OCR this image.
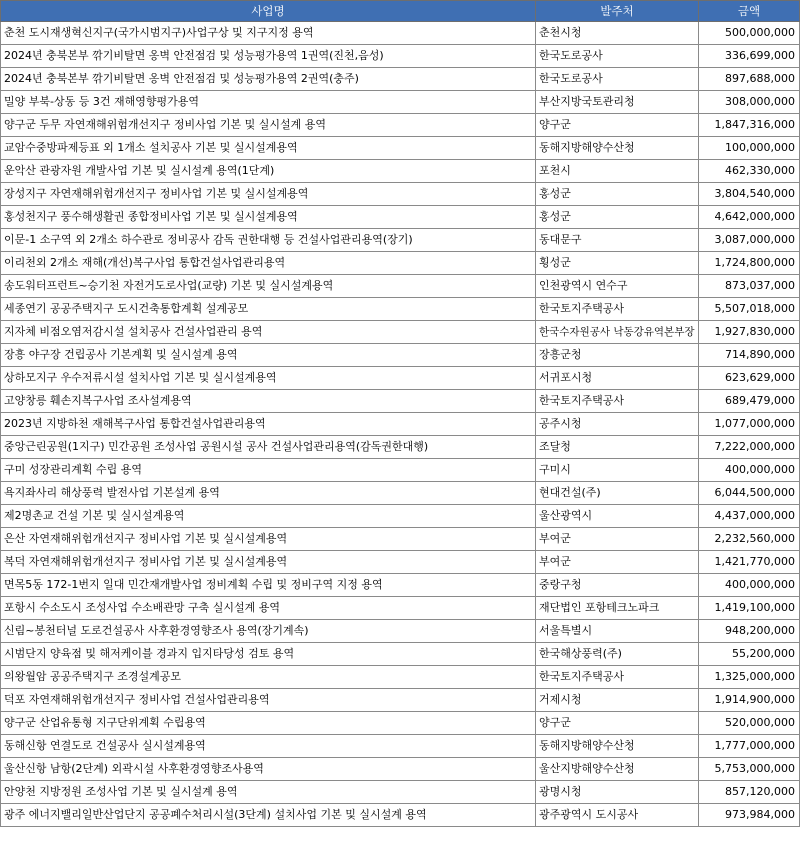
사업명	발주처	금액
춘천 도시재생혁신지구(국가시범지구)사업구상 및 지구지정 용역	춘천시청	500,000,000
2024년 충북본부 깎기비탈면 옹벽 안전점검 및 성능평가용역 1권역(진천,음성)	한국도로공사	336,699,000
2024년 충북본부 깎기비탈면 옹벽 안전점검 및 성능평가용역 2권역(충주)	한국도로공사	897,688,000
밀양 부북-상동 등 3건 재해영향평가용역	부산지방국토관리청	308,000,000
양구군 두무 자연재해위험개선지구 정비사업 기본 및 실시설계 용역	양구군	1,847,316,000
교암수중방파제등표 외 1개소 설치공사 기본 및 실시설계용역	동해지방해양수산청	100,000,000
운악산 관광자원 개발사업 기본 및 실시설계 용역(1단계)	포천시	462,330,000
장성지구 자연재해위험개선지구 정비사업 기본 및 실시설계용역	홍성군	3,804,540,000
홍성천지구 풍수해생활권 종합정비사업 기본 및 실시설계용역	홍성군	4,642,000,000
이문-1 소구역 외 2개소 하수관로 정비공사 감독 권한대행 등 건설사업관리용역(장기)	동대문구	3,087,000,000
이리천외 2개소 재해(개선)복구사업 통합건설사업관리용역	횡성군	1,724,800,000
송도워터프런트~승기천 자전거도로사업(교량) 기본 및 실시설계용역	인천광역시 연수구	873,037,000
세종연기 공공주택지구 도시건축통합계획 설계공모	한국토지주택공사	5,507,018,000
지자체 비점오염저감시설 설치공사 건설사업관리 용역	한국수자원공사 낙동강유역본부장	1,927,830,000
장흥 야구장 건립공사 기본계획 및 실시설계 용역	장흥군청	714,890,000
상하모지구 우수저류시설 설치사업 기본 및 실시설계용역	서귀포시청	623,629,000
고양창릉 훼손지복구사업 조사설계용역	한국토지주택공사	689,479,000
2023년 지방하천 재해복구사업 통합건설사업관리용역	공주시청	1,077,000,000
중앙근린공원(1지구) 민간공원 조성사업 공원시설 공사 건설사업관리용역(감독권한대행)	조달청	7,222,000,000
구미 성장관리계획 수립 용역	구미시	400,000,000
욕지좌사리 해상풍력 발전사업 기본설계 용역	현대건설(주)	6,044,500,000
제2명촌교 건설 기본 및 실시설계용역	울산광역시	4,437,000,000
은산 자연재해위험개선지구 정비사업 기본 및 실시설계용역	부여군	2,232,560,000
복덕 자연재해위험개선지구 정비사업 기본 및 실시설계용역	부여군	1,421,770,000
면목5동 172-1번지 일대 민간재개발사업 정비계획 수립 및 정비구역 지정 용역	중랑구청	400,000,000
포항시 수소도시 조성사업 수소배관망 구축 실시설계 용역	재단법인 포항테크노파크	1,419,100,000
신림~봉천터널 도로건설공사 사후환경영향조사 용역(장기계속)	서울특별시	948,200,000
시범단지 양육점 및 해저케이블 경과지 입지타당성 검토 용역	한국해상풍력(주)	55,200,000
의왕월암 공공주택지구 조경설계공모	한국토지주택공사	1,325,000,000
덕포 자연재해위험개선지구 정비사업 건설사업관리용역	거제시청	1,914,900,000
양구군 산업유통형 지구단위계획 수립용역	양구군	520,000,000
동해신항 연결도로 건설공사 실시설계용역	동해지방해양수산청	1,777,000,000
울산신항 남항(2단계) 외곽시설 사후환경영향조사용역	울산지방해양수산청	5,753,000,000
안양천 지방정원 조성사업 기본 및 실시설계 용역	광명시청	857,120,000
광주 에너지밸리일반산업단지 공공폐수처리시설(3단계) 설치사업 기본 및 실시설계 용역	광주광역시 도시공사	973,984,000
